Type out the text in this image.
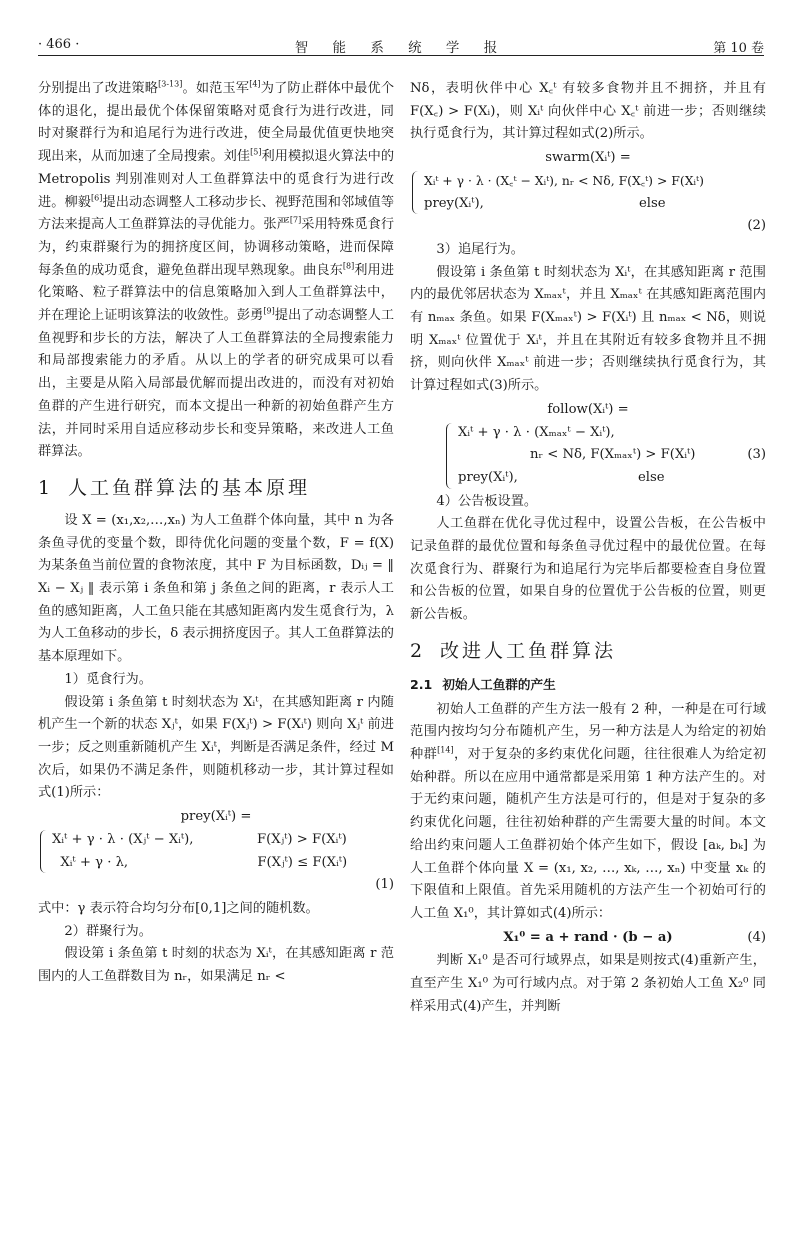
· 466 ·	智 能 系 统 学 报	第 10 卷

分别提出了改进策略[3-13]。如范玉军[4]为了防止群体中最优个体的退化，提出最优个体保留策略对觅食行为进行改进，同时对聚群行为和追尾行为进行改进，使全局最优值更快地突现出来，从而加速了全局搜索。刘佳[5]利用模拟退火算法中的 Metropolis 判别准则对人工鱼群算法中的觅食行为进行改进。柳毅[6]提出动态调整人工移动步长、视野范围和邻域值等方法来提高人工鱼群算法的寻优能力。张严[7]采用特殊觅食行为，约束群聚行为的拥挤度区间，协调移动策略，进而保障每条鱼的成功觅食，避免鱼群出现早熟现象。曲良东[8]利用进化策略、粒子群算法中的信息策略加入到人工鱼群算法中，并在理论上证明该算法的收敛性。彭勇[9]提出了动态调整人工鱼视野和步长的方法，解决了人工鱼群算法的全局搜索能力和局部搜索能力的矛盾。从以上的学者的研究成果可以看出，主要是从陷入局部最优解而提出改进的，而没有对初始鱼群的产生进行研究，而本文提出一种新的初始鱼群产生方法，并同时采用自适应移动步长和变异策略，来改进人工鱼群算法。

1 人工鱼群算法的基本原理

设 X = (x₁,x₂,…,xₙ) 为人工鱼群个体向量，其中 n 为各条鱼寻优的变量个数，即待优化问题的变量个数，F = f(X) 为某条鱼当前位置的食物浓度，其中 F 为目标函数，Dᵢⱼ = ‖ Xᵢ − Xⱼ ‖ 表示第 i 条鱼和第 j 条鱼之间的距离，r 表示人工鱼的感知距离，人工鱼只能在其感知距离内发生觅食行为，λ 为人工鱼移动的步长，δ 表示拥挤度因子。其人工鱼群算法的基本原理如下。

1）觅食行为。

假设第 i 条鱼第 t 时刻状态为 Xᵢᵗ，在其感知距离 r 内随机产生一个新的状态 Xⱼᵗ，如果 F(Xⱼᵗ) > F(Xᵢᵗ) 则向 Xⱼᵗ 前进一步；反之则重新随机产生 Xᵢᵗ，判断是否满足条件，经过 M 次后，如果仍不满足条件，则随机移动一步，其计算过程如式(1)所示：

prey(Xᵢᵗ) =
Xᵢᵗ + γ · λ · (Xⱼᵗ − Xᵢᵗ),	F(Xⱼᵗ) > F(Xᵢᵗ)
Xᵢᵗ + γ · λ,	F(Xⱼᵗ) ≤ F(Xᵢᵗ)
(1)

式中：γ 表示符合均匀分布[0,1]之间的随机数。

2）群聚行为。

假设第 i 条鱼第 t 时刻的状态为 Xᵢᵗ，在其感知距离 r 范围内的人工鱼群数目为 nᵣ，如果满足 nᵣ <

Nδ，表明伙伴中心 X꜀ᵗ 有较多食物并且不拥挤，并且有 F(X꜀) > F(Xᵢ)，则 Xᵢᵗ 向伙伴中心 X꜀ᵗ 前进一步；否则继续执行觅食行为，其计算过程如式(2)所示。

swarm(Xᵢᵗ) =
Xᵢᵗ + γ · λ · (X꜀ᵗ − Xᵢᵗ), nᵣ < Nδ, F(X꜀ᵗ) > F(Xᵢᵗ)
prey(Xᵢᵗ),	else
(2)

3）追尾行为。

假设第 i 条鱼第 t 时刻状态为 Xᵢᵗ，在其感知距离 r 范围内的最优邻居状态为 Xₘₐₓᵗ，并且 Xₘₐₓᵗ 在其感知距离范围内有 nₘₐₓ 条鱼。如果 F(Xₘₐₓᵗ) > F(Xᵢᵗ) 且 nₘₐₓ < Nδ，则说明 Xₘₐₓᵗ 位置优于 Xᵢᵗ，并且在其附近有较多食物并且不拥挤，则向伙伴 Xₘₐₓᵗ 前进一步；否则继续执行觅食行为，其计算过程如式(3)所示。

follow(Xᵢᵗ) =
Xᵢᵗ + γ · λ · (Xₘₐₓᵗ − Xᵢᵗ),
nᵣ < Nδ, F(Xₘₐₓᵗ) > F(Xᵢᵗ)
prey(Xᵢᵗ),	else
(3)

4）公告板设置。

人工鱼群在优化寻优过程中，设置公告板，在公告板中记录鱼群的最优位置和每条鱼寻优过程中的最优位置。在每次觅食行为、群聚行为和追尾行为完毕后都要检查自身位置和公告板的位置，如果自身的位置优于公告板的位置，则更新公告板。

2 改进人工鱼群算法
2.1 初始人工鱼群的产生

初始人工鱼群的产生方法一般有 2 种，一种是在可行域范围内按均匀分布随机产生，另一种方法是人为给定的初始种群[14]，对于复杂的多约束优化问题，往往很难人为给定初始种群。所以在应用中通常都是采用第 1 种方法产生的。对于无约束问题，随机产生方法是可行的，但是对于复杂的多约束优化问题，往往初始种群的产生需要大量的时间。本文给出约束问题人工鱼群初始个体产生如下，假设 [aₖ, bₖ] 为人工鱼群个体向量 X = (x₁, x₂, …, xₖ, …, xₙ) 中变量 xₖ 的下限值和上限值。首先采用随机的方法产生一个初始可行的人工鱼 X₁⁰，其计算如式(4)所示：

X₁⁰ = a + rand · (b − a)	(4)

判断 X₁⁰ 是否可行域界点，如果是则按式(4)重新产生，直至产生 X₁⁰ 为可行域内点。对于第 2 条初始人工鱼 X₂⁰ 同样采用式(4)产生，并判断
